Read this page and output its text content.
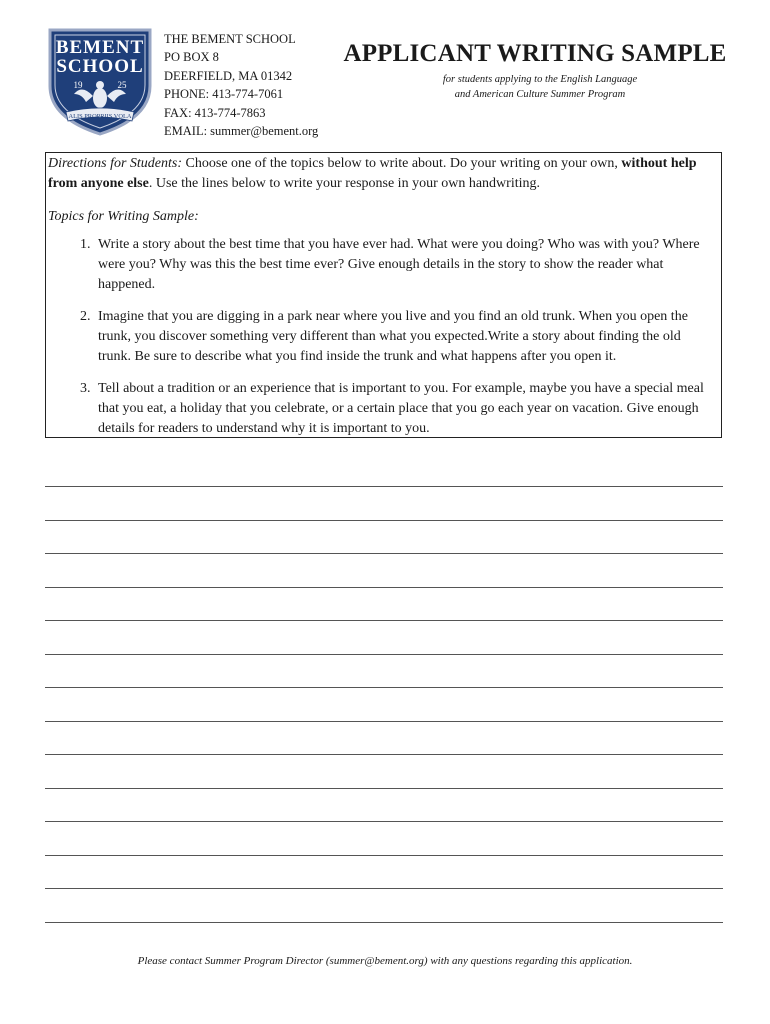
BEMENT
SCHOOL
19	25
ALIS PROPRIIS VOLA
THE BEMENT SCHOOL
PO BOX 8
DEERFIELD, MA 01342
PHONE: 413-774-7061
FAX: 413-774-7863
EMAIL: summer@bement.org
APPLICANT WRITING SAMPLE
for students applying to the English Language
and American Culture Summer Program

Directions for Students: Choose one of the topics below to write about. Do your writing on your own, without help from anyone else. Use the lines below to write your response in your own handwriting.

Topics for Writing Sample:
1. Write a story about the best time that you have ever had. What were you doing? Who was with you? Where were you? Why was this the best time ever? Give enough details in the story to show the reader what happened.
2. Imagine that you are digging in a park near where you live and you find an old trunk. When you open the trunk, you discover something very different than what you expected.Write a story about finding the old trunk. Be sure to describe what you find inside the trunk and what happens after you open it.
3. Tell about a tradition or an experience that is important to you. For example, maybe you have a special meal that you eat, a holiday that you celebrate, or a certain place that you go each year on vacation. Give enough details for readers to understand why it is important to you.
Please contact Summer Program Director (summer@bement.org) with any questions regarding this application.
